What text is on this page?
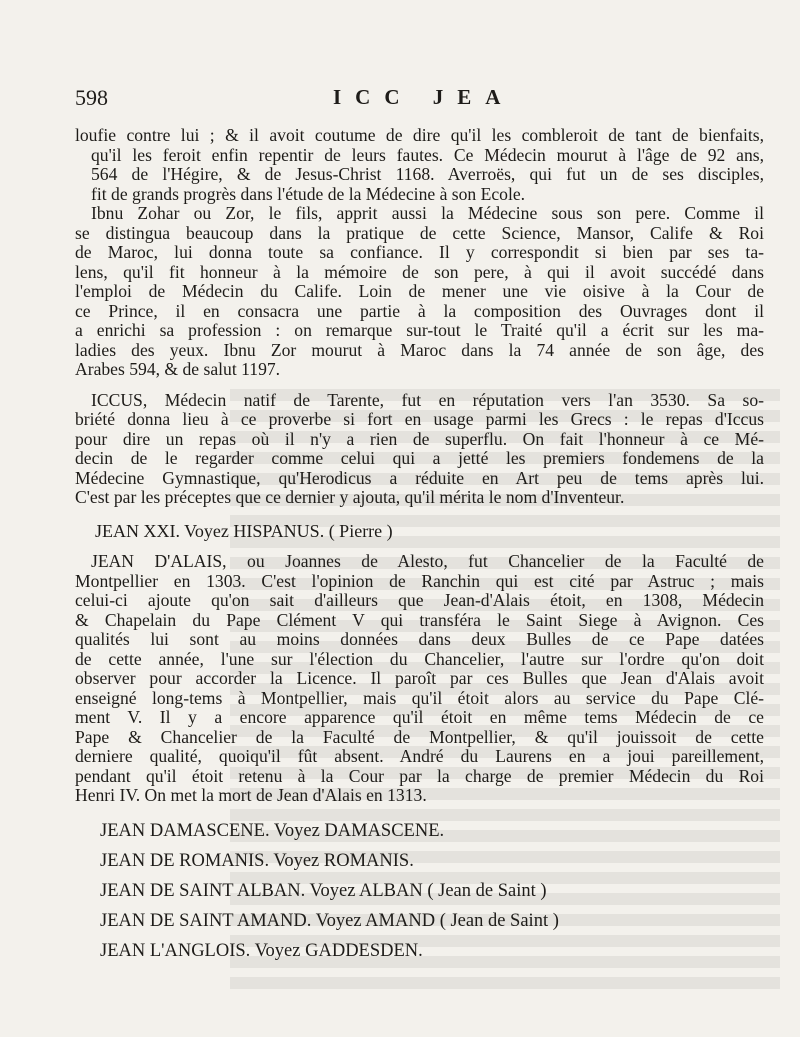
598	ICC JEA

loufie contre lui ; & il avoit coutume de dire qu'il les combleroit de tant de bienfaits,
qu'il les feroit enfin repentir de leurs fautes. Ce Médecin mourut à l'âge de 92 ans,
564 de l'Hégire, & de Jesus-Christ 1168. Averroës, qui fut un de ses disciples,
fit de grands progrès dans l'étude de la Médecine à son Ecole.

Ibnu Zohar ou Zor, le fils, apprit aussi la Médecine sous son pere. Comme il
se distingua beaucoup dans la pratique de cette Science, Mansor, Calife & Roi
de Maroc, lui donna toute sa confiance. Il y correspondit si bien par ses ta-
lens, qu'il fit honneur à la mémoire de son pere, à qui il avoit succédé dans
l'emploi de Médecin du Calife. Loin de mener une vie oisive à la Cour de
ce Prince, il en consacra une partie à la composition des Ouvrages dont il
a enrichi sa profession : on remarque sur-tout le Traité qu'il a écrit sur les ma-
ladies des yeux. Ibnu Zor mourut à Maroc dans la 74 année de son âge, des
Arabes 594, & de salut 1197.

ICCUS, Médecin natif de Tarente, fut en réputation vers l'an 3530. Sa so-
briété donna lieu à ce proverbe si fort en usage parmi les Grecs : le repas d'Iccus
pour dire un repas où il n'y a rien de superflu. On fait l'honneur à ce Mé-
decin de le regarder comme celui qui a jetté les premiers fondemens de la
Médecine Gymnastique, qu'Herodicus a réduite en Art peu de tems après lui.
C'est par les préceptes que ce dernier y ajouta, qu'il mérita le nom d'Inventeur.

JEAN XXI. Voyez HISPANUS. ( Pierre )

JEAN D'ALAIS, ou Joannes de Alesto, fut Chancelier de la Faculté de
Montpellier en 1303. C'est l'opinion de Ranchin qui est cité par Astruc ; mais
celui-ci ajoute qu'on sait d'ailleurs que Jean-d'Alais étoit, en 1308, Médecin
& Chapelain du Pape Clément V qui transféra le Saint Siege à Avignon. Ces
qualités lui sont au moins données dans deux Bulles de ce Pape datées
de cette année, l'une sur l'élection du Chancelier, l'autre sur l'ordre qu'on doit
observer pour accorder la Licence. Il paroît par ces Bulles que Jean d'Alais avoit
enseigné long-tems à Montpellier, mais qu'il étoit alors au service du Pape Clé-
ment V. Il y a encore apparence qu'il étoit en même tems Médecin de ce
Pape & Chancelier de la Faculté de Montpellier, & qu'il jouissoit de cette
derniere qualité, quoiqu'il fût absent. André du Laurens en a joui pareillement,
pendant qu'il étoit retenu à la Cour par la charge de premier Médecin du Roi
Henri IV. On met la mort de Jean d'Alais en 1313.

JEAN DAMASCENE. Voyez DAMASCENE.
JEAN DE ROMANIS. Voyez ROMANIS.
JEAN DE SAINT ALBAN. Voyez ALBAN ( Jean de Saint )
JEAN DE SAINT AMAND. Voyez AMAND ( Jean de Saint )
JEAN L'ANGLOIS. Voyez GADDESDEN.
